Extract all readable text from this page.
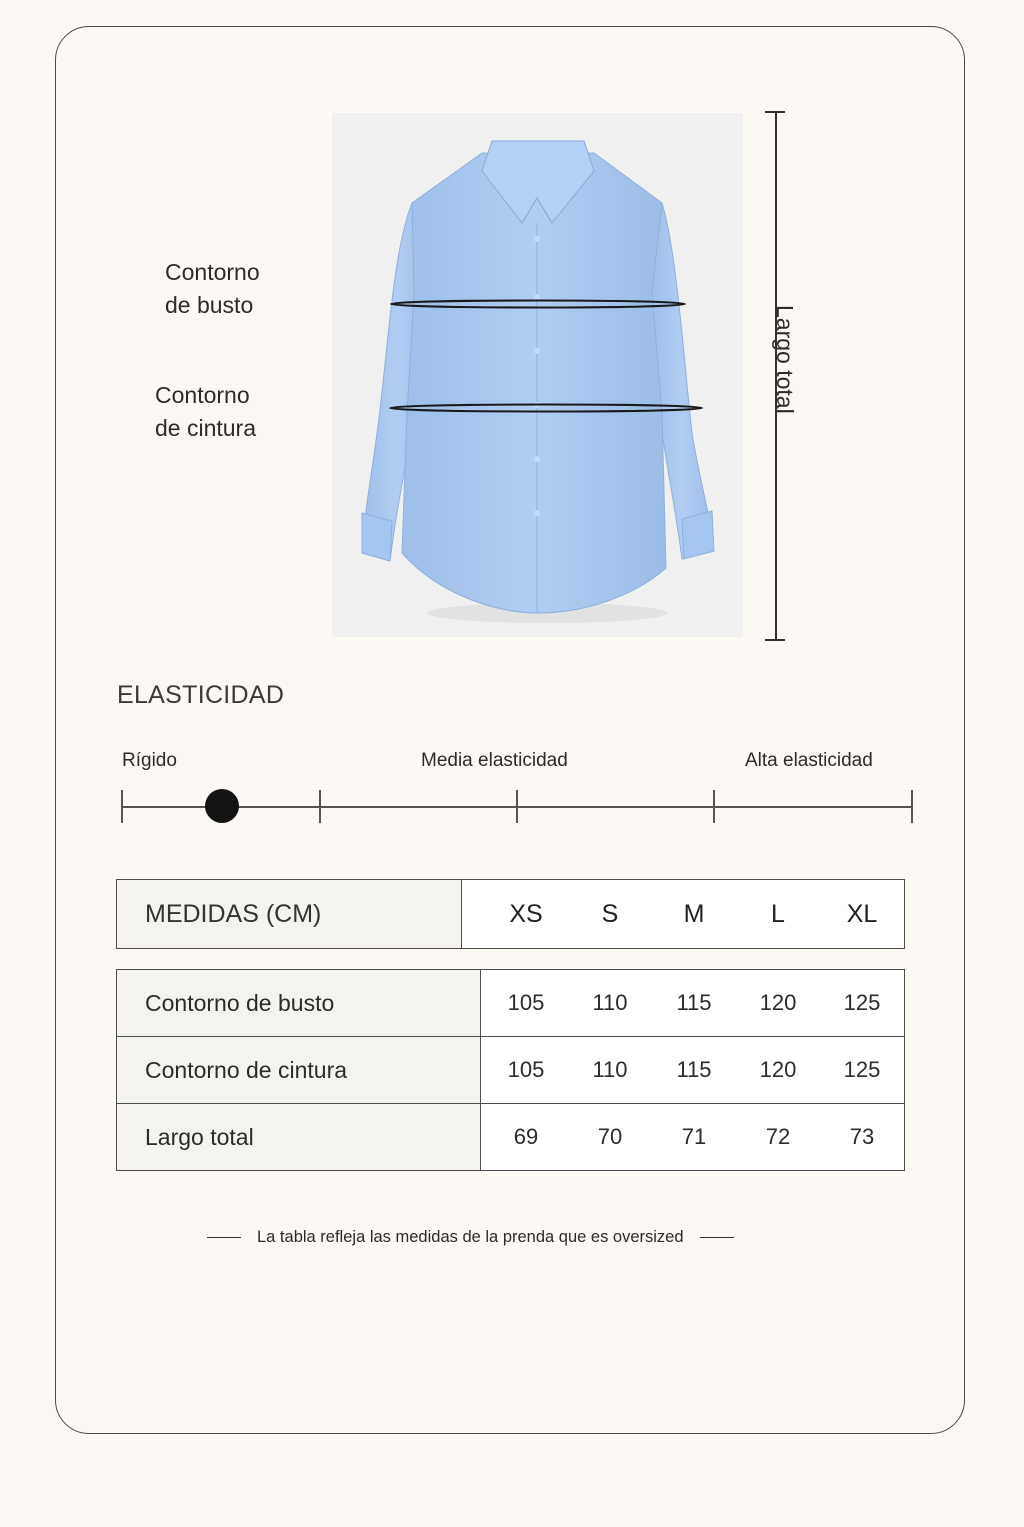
Contorno
de busto
Contorno
de cintura
Largo total
ELASTICIDAD
Rígido	Media elasticidad	Alta elasticidad
MEDIDAS (CM)	XS	S	M	L	XL
Contorno de busto	105 110 115 120 125

Contorno de cintura	105 110 115 120 125

Largo total	69 70 71 72 73
La tabla refleja las medidas de la prenda que es oversized
